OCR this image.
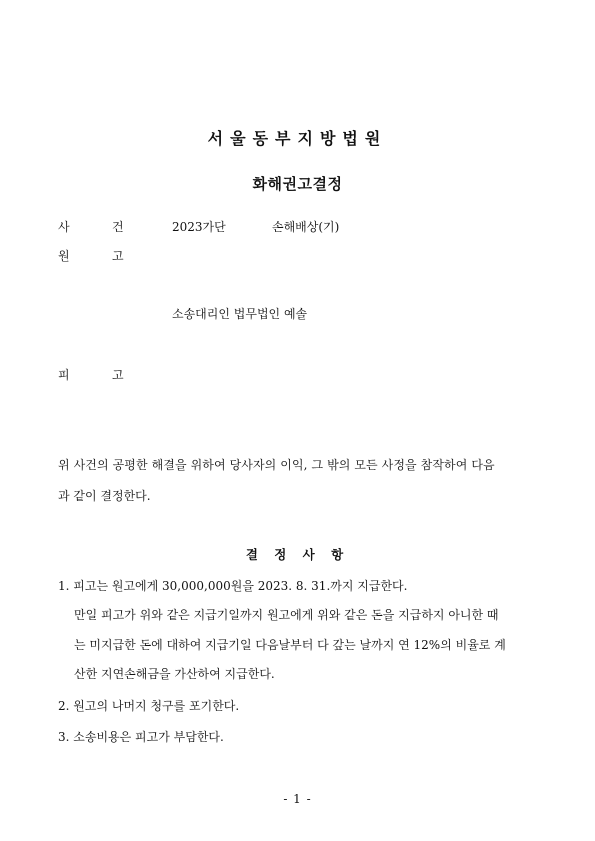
서울동부지방법원
화해권고결정
사	건	2023가단	손해배상(기)
원	고
소송대리인 법무법인 예솔
피	고
위 사건의 공평한 해결을 위하여 당사자의 이익, 그 밖의 모든 사정을 참작하여 다음
과 같이 결정한다.
결 정 사 항
1. 피고는 원고에게 30,000,000원을 2023. 8. 31.까지 지급한다.
만일 피고가 위와 같은 지급기일까지 원고에게 위와 같은 돈을 지급하지 아니한 때
는 미지급한 돈에 대하여 지급기일 다음날부터 다 갚는 날까지 연 12%의 비율로 계
산한 지연손해금을 가산하여 지급한다.
2. 원고의 나머지 청구를 포기한다.
3. 소송비용은 피고가 부담한다.
- 1 -
